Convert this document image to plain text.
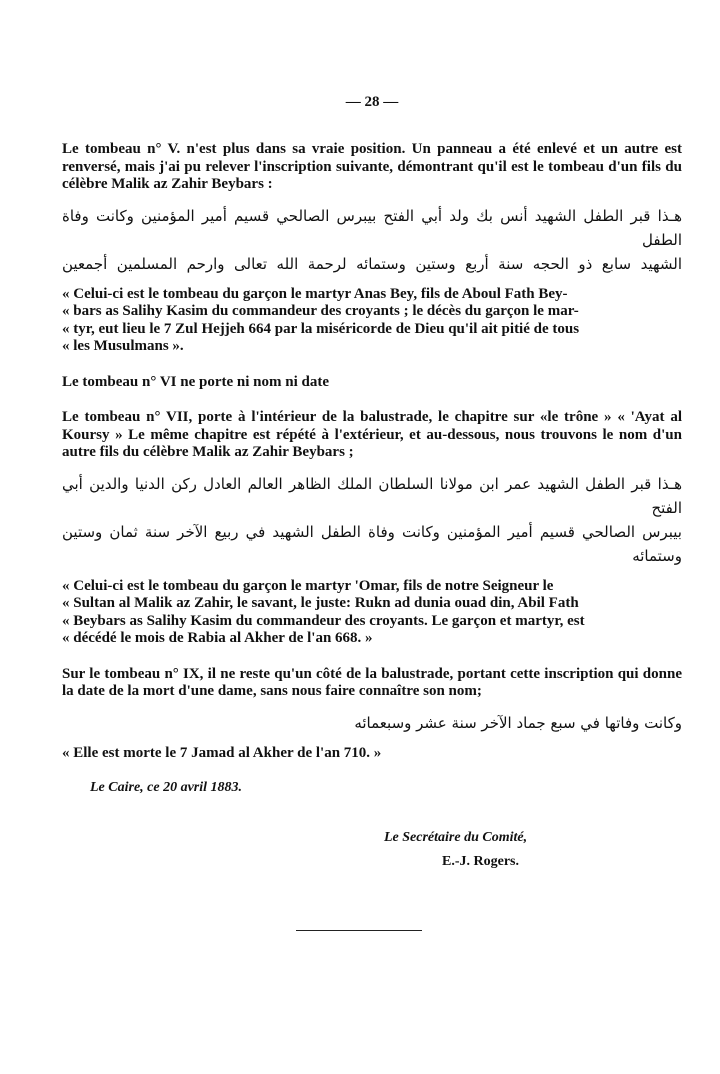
— 28 —

Le tombeau n° V. n'est plus dans sa vraie position. Un panneau a été enlevé et un autre est renversé, mais j'ai pu relever l'inscription suivante, démontrant qu'il est le tombeau d'un fils du célèbre Malik az Zahir Beybars :

هـذا قبر الطفل الشهيد أنس بك ولد أبي الفتح بيبرس الصالحي قسيم أمير المؤمنين وكانت وفاة الطفل
الشهيد سابع ذو الحجه سنة أربع وستين وستمائه لرحمة الله تعالى وارحم المسلمين أجمعين

« Celui-ci est le tombeau du garçon le martyr Anas Bey, fils de Aboul Fath Bey-

« bars as Salihy Kasim du commandeur des croyants ; le décès du garçon le mar-

« tyr, eut lieu le 7 Zul Hejjeh 664 par la miséricorde de Dieu qu'il ait pitié de tous

« les Musulmans ».

Le tombeau n° VI ne porte ni nom ni date

Le tombeau n° VII, porte à l'intérieur de la balustrade, le chapitre sur «le trône » « 'Ayat al Koursy » Le même chapitre est répété à l'extérieur, et au-dessous, nous trouvons le nom d'un autre fils du célèbre Malik az Zahir Beybars ;

هـذا قبر الطفل الشهيد عمر ابن مولانا السلطان الملك الظاهر العالم العادل ركن الدنيا والدين أبي الفتح
بيبرس الصالحي قسيم أمير المؤمنين وكانت وفاة الطفل الشهيد في ربيع الآخر سنة ثمان وستين وستمائه

« Celui-ci est le tombeau du garçon le martyr 'Omar, fils de notre Seigneur le

« Sultan al Malik az Zahir, le savant, le juste: Rukn ad dunia ouad din, Abil Fath

« Beybars as Salihy Kasim du commandeur des croyants. Le garçon et martyr, est

« décédé le mois de Rabia al Akher de l'an 668. »

Sur le tombeau n° IX, il ne reste qu'un côté de la balustrade, portant cette inscription qui donne la date de la mort d'une dame, sans nous faire connaître son nom;

وكانت وفاتها في سبع جماد الآخر سنة عشر وسبعمائه

« Elle est morte le 7 Jamad al Akher de l'an 710. »

Le Caire, ce 20 avril 1883.
Le Secrétaire du Comité,
E.-J. Rogers.
